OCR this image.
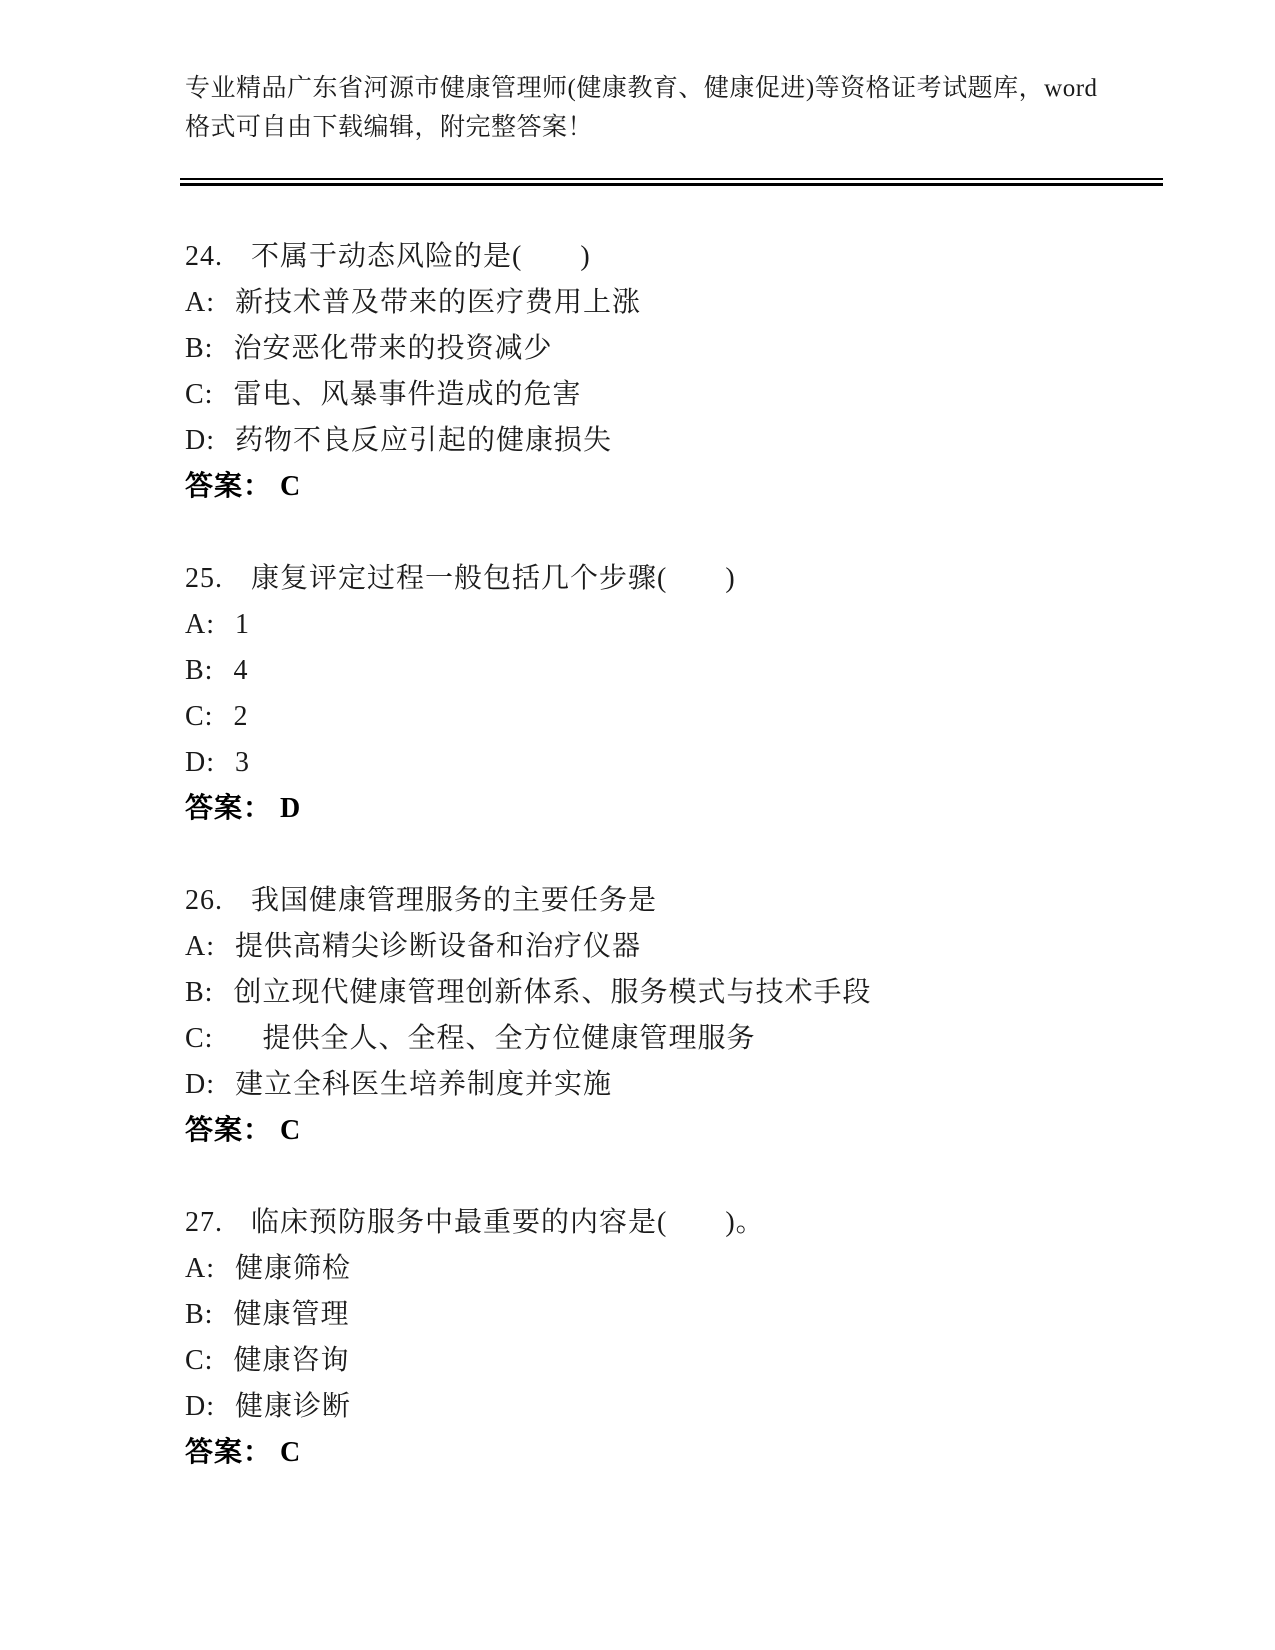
专业精品广东省河源市健康管理师(健康教育、健康促进)等资格证考试题库，word
格式可自由下载编辑，附完整答案！
24. 不属于动态风险的是(　　)
A: 新技术普及带来的医疗费用上涨
B: 治安恶化带来的投资减少
C: 雷电、风暴事件造成的危害
D: 药物不良反应引起的健康损失
答案： C
25. 康复评定过程一般包括几个步骤(　　)
A: 1
B: 4
C: 2
D: 3
答案： D
26. 我国健康管理服务的主要任务是
A: 提供高精尖诊断设备和治疗仪器
B: 创立现代健康管理创新体系、服务模式与技术手段
C:　提供全人、全程、全方位健康管理服务
D: 建立全科医生培养制度并实施
答案： C
27. 临床预防服务中最重要的内容是(　　)。
A: 健康筛检
B: 健康管理
C: 健康咨询
D: 健康诊断
答案： C
